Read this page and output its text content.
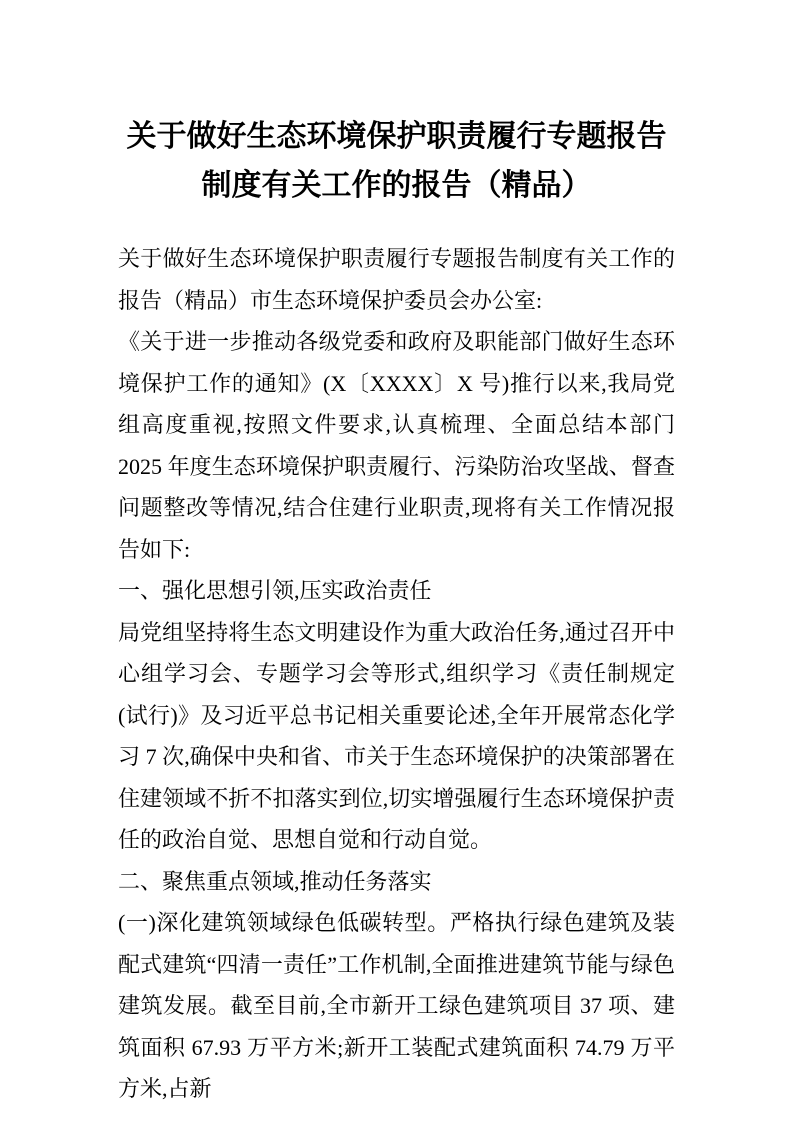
关于做好生态环境保护职责履行专题报告
制度有关工作的报告（精品）

关于做好生态环境保护职责履行专题报告制度有关工作的报告（精品）市生态环境保护委员会办公室:

《关于进一步推动各级党委和政府及职能部门做好生态环境保护工作的通知》(X〔XXXX〕X 号)推行以来,我局党组高度重视,按照文件要求,认真梳理、全面总结本部门 2025 年度生态环境保护职责履行、污染防治攻坚战、督查问题整改等情况,结合住建行业职责,现将有关工作情况报告如下:

一、强化思想引领,压实政治责任

局党组坚持将生态文明建设作为重大政治任务,通过召开中心组学习会、专题学习会等形式,组织学习《责任制规定(试行)》及习近平总书记相关重要论述,全年开展常态化学习 7 次,确保中央和省、市关于生态环境保护的决策部署在住建领域不折不扣落实到位,切实增强履行生态环境保护责任的政治自觉、思想自觉和行动自觉。

二、聚焦重点领域,推动任务落实

(一)深化建筑领域绿色低碳转型。严格执行绿色建筑及装配式建筑“四清一责任”工作机制,全面推进建筑节能与绿色建筑发展。截至目前,全市新开工绿色建筑项目 37 项、建筑面积 67.93 万平方米;新开工装配式建筑面积 74.79 万平方米,占新
